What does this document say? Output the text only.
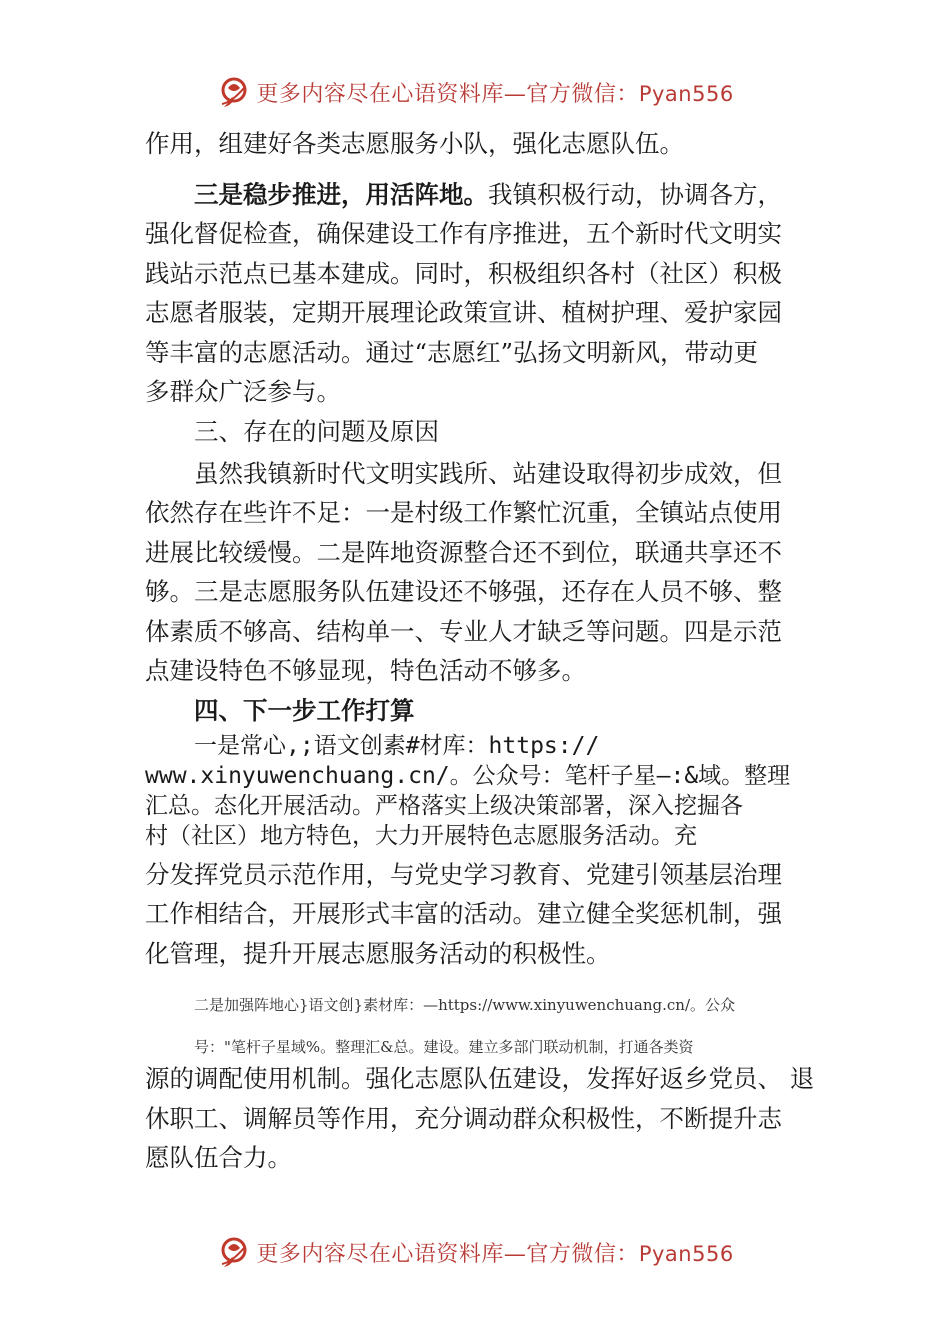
更多内容尽在心语资料库—官方微信：Pyan556

作用，组建好各类志愿服务小队，强化志愿队伍。

三是稳步推进，用活阵地。我镇积极行动，协调各方，
强化督促检查，确保建设工作有序推进，五个新时代文明实
践站示范点已基本建成。同时，积极组织各村（社区）积极
志愿者服装，定期开展理论政策宣讲、植树护理、爱护家园
等丰富的志愿活动。通过“志愿红”弘扬文明新风，带动更
多群众广泛参与。

三、存在的问题及原因

虽然我镇新时代文明实践所、站建设取得初步成效，但
依然存在些许不足：一是村级工作繁忙沉重，全镇站点使用
进展比较缓慢。二是阵地资源整合还不到位，联通共享还不
够。三是志愿服务队伍建设还不够强，还存在人员不够、整
体素质不够高、结构单一、专业人才缺乏等问题。四是示范
点建设特色不够显现，特色活动不够多。

四、下一步工作打算

一是常心,;语文创素#材库：https://
www.xinyuwenchuang.cn/。公众号：笔杆子星—:&域。整理
汇总。态化开展活动。严格落实上级决策部署，深入挖掘各
村（社区）地方特色，大力开展特色志愿服务活动。充

分发挥党员示范作用，与党史学习教育、党建引领基层治理
工作相结合，开展形式丰富的活动。建立健全奖惩机制，强
化管理，提升开展志愿服务活动的积极性。

二是加强阵地心}语文创}素材库：—https://www.xinyuwenchuang.cn/。公众

号："笔杆子星域%。整理汇&总。建设。建立多部门联动机制，打通各类资

源的调配使用机制。强化志愿队伍建设，发挥好返乡党员、 退
休职工、调解员等作用，充分调动群众积极性，不断提升志
愿队伍合力。

更多内容尽在心语资料库—官方微信：Pyan556
